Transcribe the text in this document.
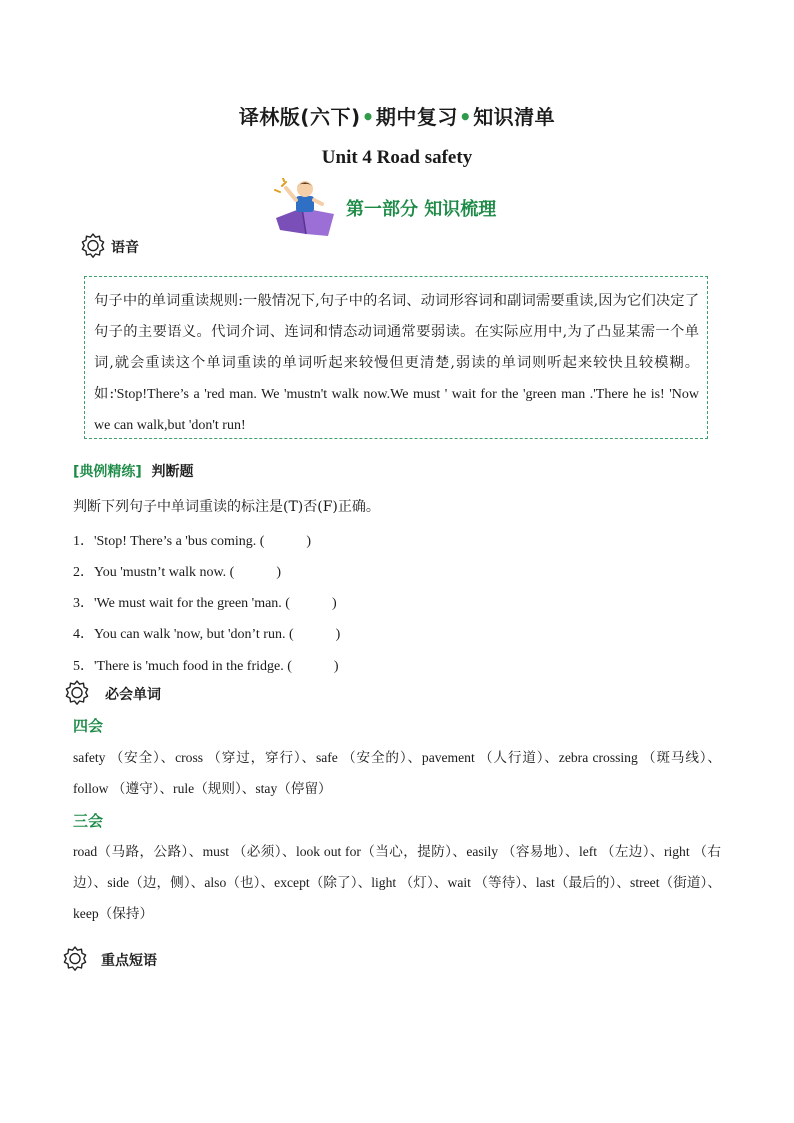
译林版(六下)•期中复习•知识清单
Unit 4 Road safety
第一部分 知识梳理
语音
句子中的单词重读规则:一般情况下,句子中的名词、动词形容词和副词需要重读,因为它们决定了句子的主要语义。代词介词、连词和情态动词通常要弱读。在实际应用中,为了凸显某需一个单词,就会重读这个单词重读的单词听起来较慢但更清楚,弱读的单词则听起来较快且较模糊。如:'Stop!There’s a 'red man. We 'mustn't walk now.We must ' wait for the 'green man .'There he is! 'Now we can walk,but 'don't run!
[典例精练] 判断题
判断下列句子中单词重读的标注是(T)否(F)正确。
1．'Stop! There’s a 'bus coming. (　　　)
2．You 'mustn’t walk now. (　　　)
3．'We must wait for the green 'man. (　　　)
4．You can walk 'now, but 'don’t run. (　　　)
5．'There is 'much food in the fridge. (　　　)
必会单词
四会
safety （安全）、cross （穿过，穿行）、safe （安全的）、pavement （人行道）、zebra crossing （斑马线）、follow （遵守）、rule（规则）、stay（停留）
三会
road（马路，公路）、must （必须）、look out for（当心，提防）、easily （容易地）、left （左边）、right （右边）、side（边，侧）、also（也）、except（除了）、light （灯）、wait （等待）、last（最后的）、street（街道）、keep（保持）
重点短语
